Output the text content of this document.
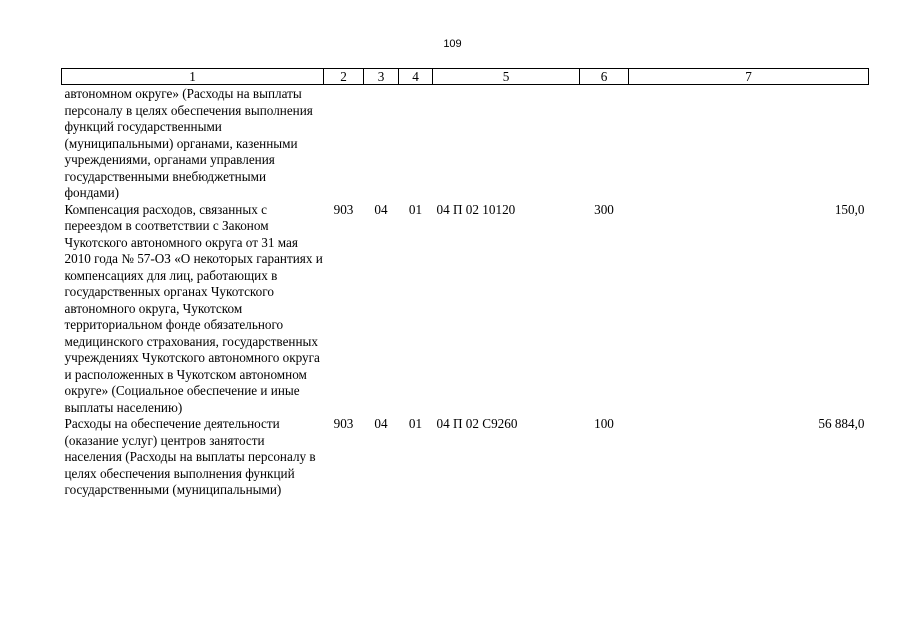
109
1	2	3	4	5	6	7
автономном округе» (Расходы на выплаты персоналу в целях обеспечения выполнения функций государственными (муниципальными) органами, казенными учреждениями, органами управления государственными внебюджетными фондами)						
Компенсация расходов, связанных с переездом в соответствии с Законом Чукотского автономного округа от 31 мая 2010 года № 57-ОЗ «О некоторых гарантиях и компенсациях для лиц, работающих в государственных органах Чукотского автономного округа, Чукотском территориальном фонде обязательного медицинского страхования, государственных учреждениях Чукотского автономного округа и расположенных в Чукотском автономном округе» (Социальное обеспечение и иные выплаты населению)	903	04	01	04 П 02 10120	300	150,0
Расходы на обеспечение деятельности (оказание услуг) центров занятости населения (Расходы на выплаты персоналу в целях обеспечения выполнения функций государственными (муниципальными)	903	04	01	04 П 02 С9260	100	56 884,0
